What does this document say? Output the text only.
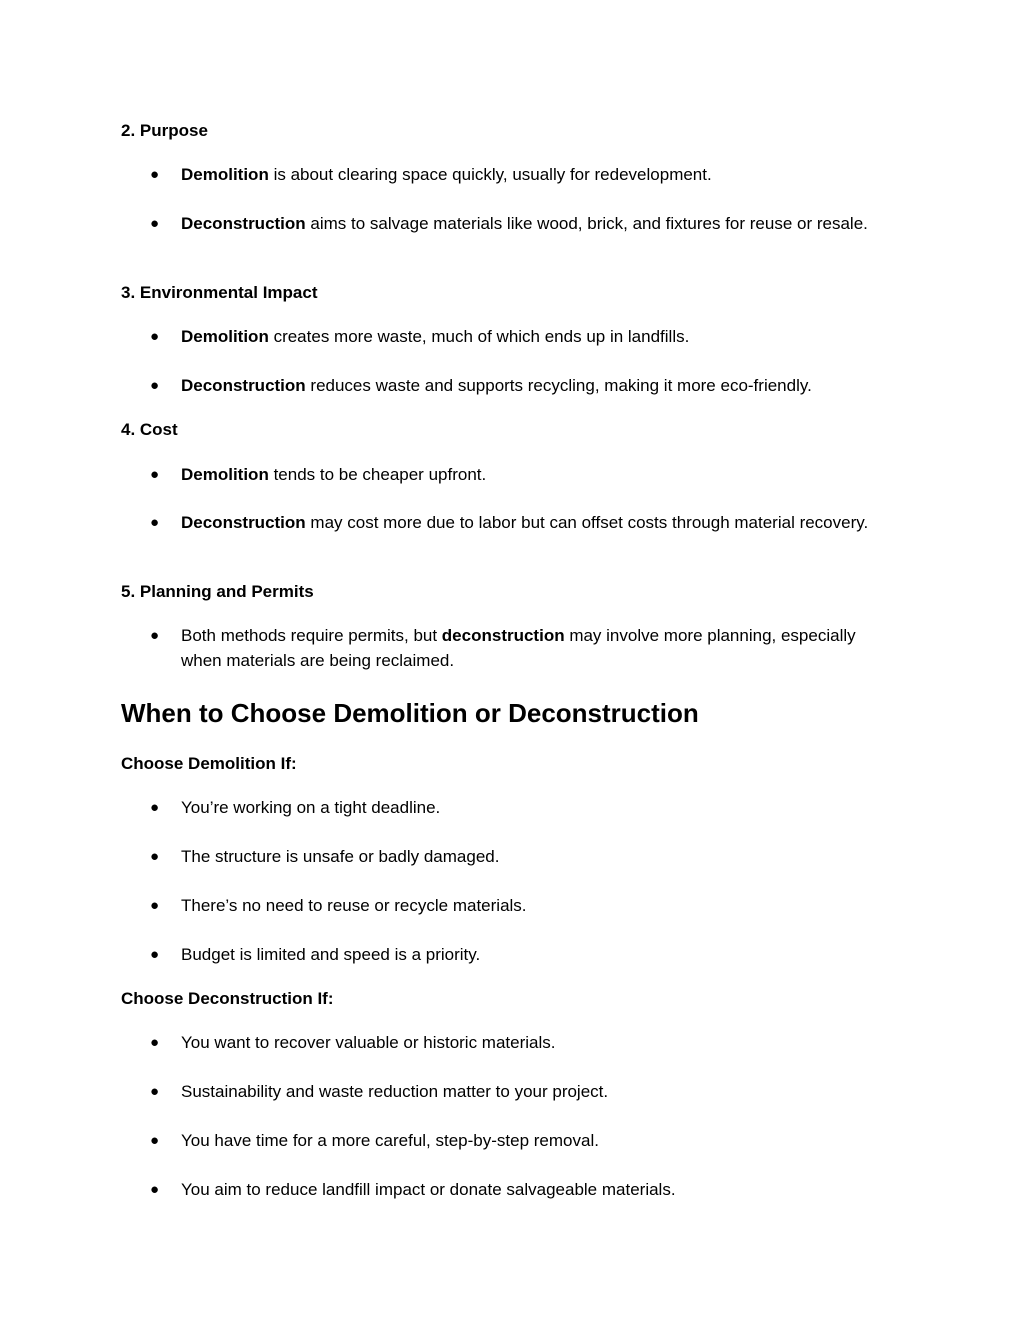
2. Purpose
● Demolition is about clearing space quickly, usually for redevelopment.
● Deconstruction aims to salvage materials like wood, brick, and fixtures for reuse or resale.
3. Environmental Impact
● Demolition creates more waste, much of which ends up in landfills.
● Deconstruction reduces waste and supports recycling, making it more eco-friendly.
4. Cost
● Demolition tends to be cheaper upfront.
● Deconstruction may cost more due to labor but can offset costs through material recovery.
5. Planning and Permits
● Both methods require permits, but deconstruction may involve more planning, especially when materials are being reclaimed.
When to Choose Demolition or Deconstruction
Choose Demolition If:
● You’re working on a tight deadline.
● The structure is unsafe or badly damaged.
● There’s no need to reuse or recycle materials.
● Budget is limited and speed is a priority.
Choose Deconstruction If:
● You want to recover valuable or historic materials.
● Sustainability and waste reduction matter to your project.
● You have time for a more careful, step-by-step removal.
● You aim to reduce landfill impact or donate salvageable materials.
